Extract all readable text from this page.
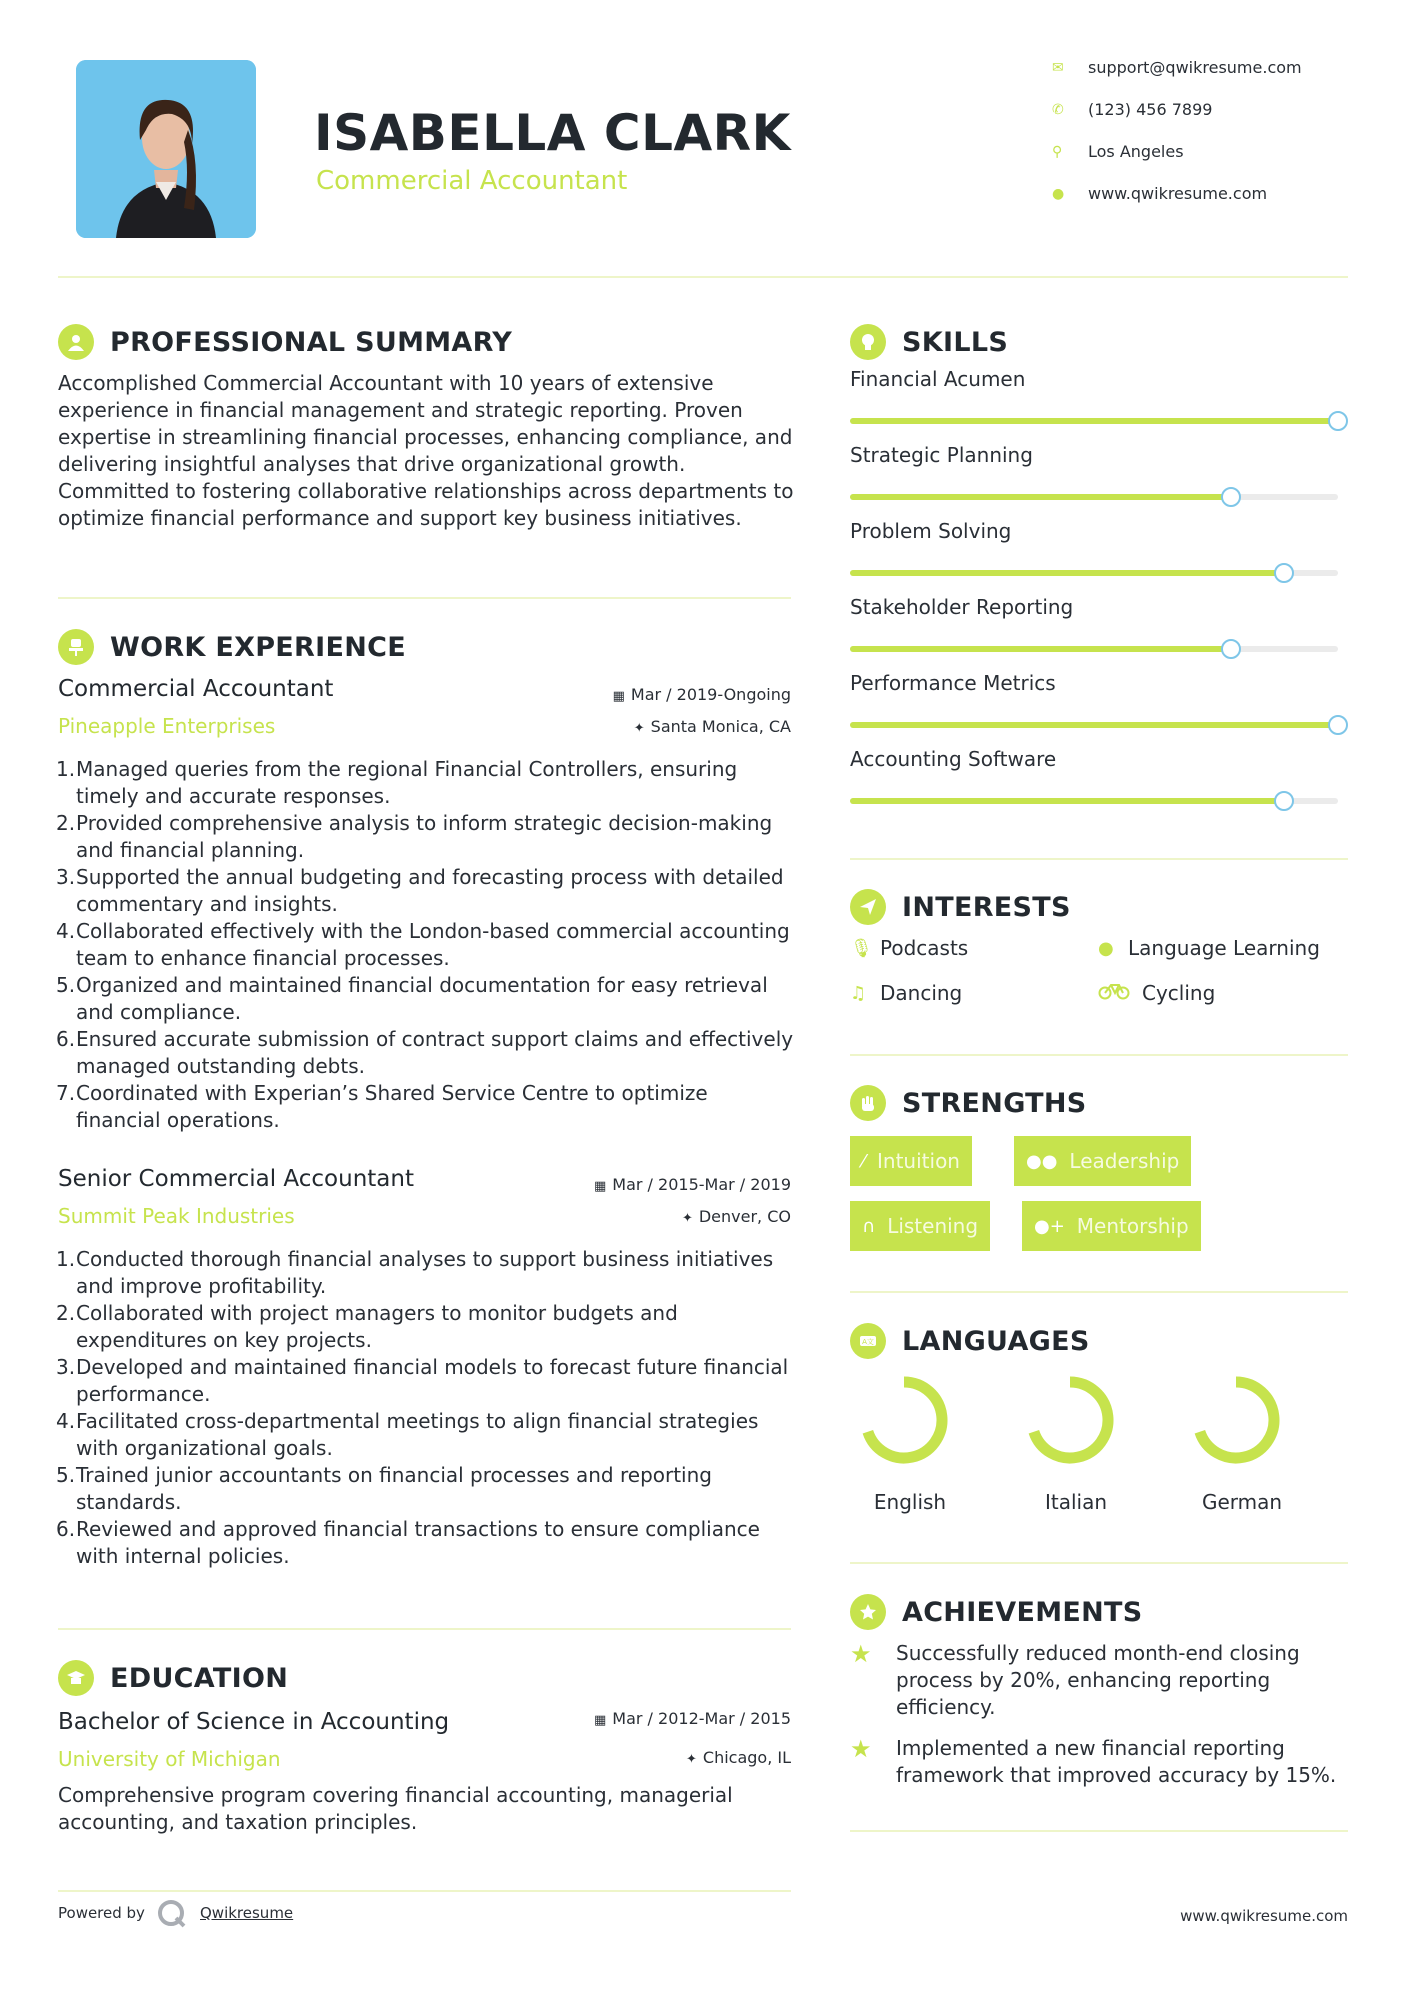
ISABELLA CLARK
Commercial Accountant
✉	support@qwikresume.com
✆	(123) 456 7899
⚲	Los Angeles
●	www.qwikresume.com
PROFESSIONAL SUMMARY
Accomplished Commercial Accountant with 10 years of extensive experience in financial management and strategic reporting. Proven expertise in streamlining financial processes, enhancing compliance, and delivering insightful analyses that drive organizational growth. Committed to fostering collaborative relationships across departments to optimize financial performance and support key business initiatives.
WORK EXPERIENCE
Commercial Accountant	▦ Mar / 2019-Ongoing
Pineapple Enterprises	✦ Santa Monica, CA
1. Managed queries from the regional Financial Controllers, ensuring timely and accurate responses.
2. Provided comprehensive analysis to inform strategic decision-making and financial planning.
3. Supported the annual budgeting and forecasting process with detailed commentary and insights.
4. Collaborated effectively with the London-based commercial accounting team to enhance financial processes.
5. Organized and maintained financial documentation for easy retrieval and compliance.
6. Ensured accurate submission of contract support claims and effectively managed outstanding debts.
7. Coordinated with Experian’s Shared Service Centre to optimize financial operations.
Senior Commercial Accountant	▦ Mar / 2015-Mar / 2019
Summit Peak Industries	✦ Denver, CO
1. Conducted thorough financial analyses to support business initiatives and improve profitability.
2. Collaborated with project managers to monitor budgets and expenditures on key projects.
3. Developed and maintained financial models to forecast future financial performance.
4. Facilitated cross-departmental meetings to align financial strategies with organizational goals.
5. Trained junior accountants on financial processes and reporting standards.
6. Reviewed and approved financial transactions to ensure compliance with internal policies.
EDUCATION
Bachelor of Science in Accounting	▦ Mar / 2012-Mar / 2015
University of Michigan	✦ Chicago, IL
Comprehensive program covering financial accounting, managerial accounting, and taxation principles.
SKILLS
Financial Acumen
Strategic Planning
Problem Solving
Stakeholder Reporting
Performance Metrics
Accounting Software
INTERESTS
🎙︎ Podcasts	● Language Learning
♫ Dancing	Cycling
STRENGTHS
⁄ Intuition	●● Leadership
∩ Listening	●+ Mentorship
A文 LANGUAGES
English	Italian	German
ACHIEVEMENTS
★ Successfully reduced month-end closing process by 20%, enhancing reporting efficiency.
★ Implemented a new financial reporting framework that improved accuracy by 15%.
Powered by	Qwikresume	www.qwikresume.com
